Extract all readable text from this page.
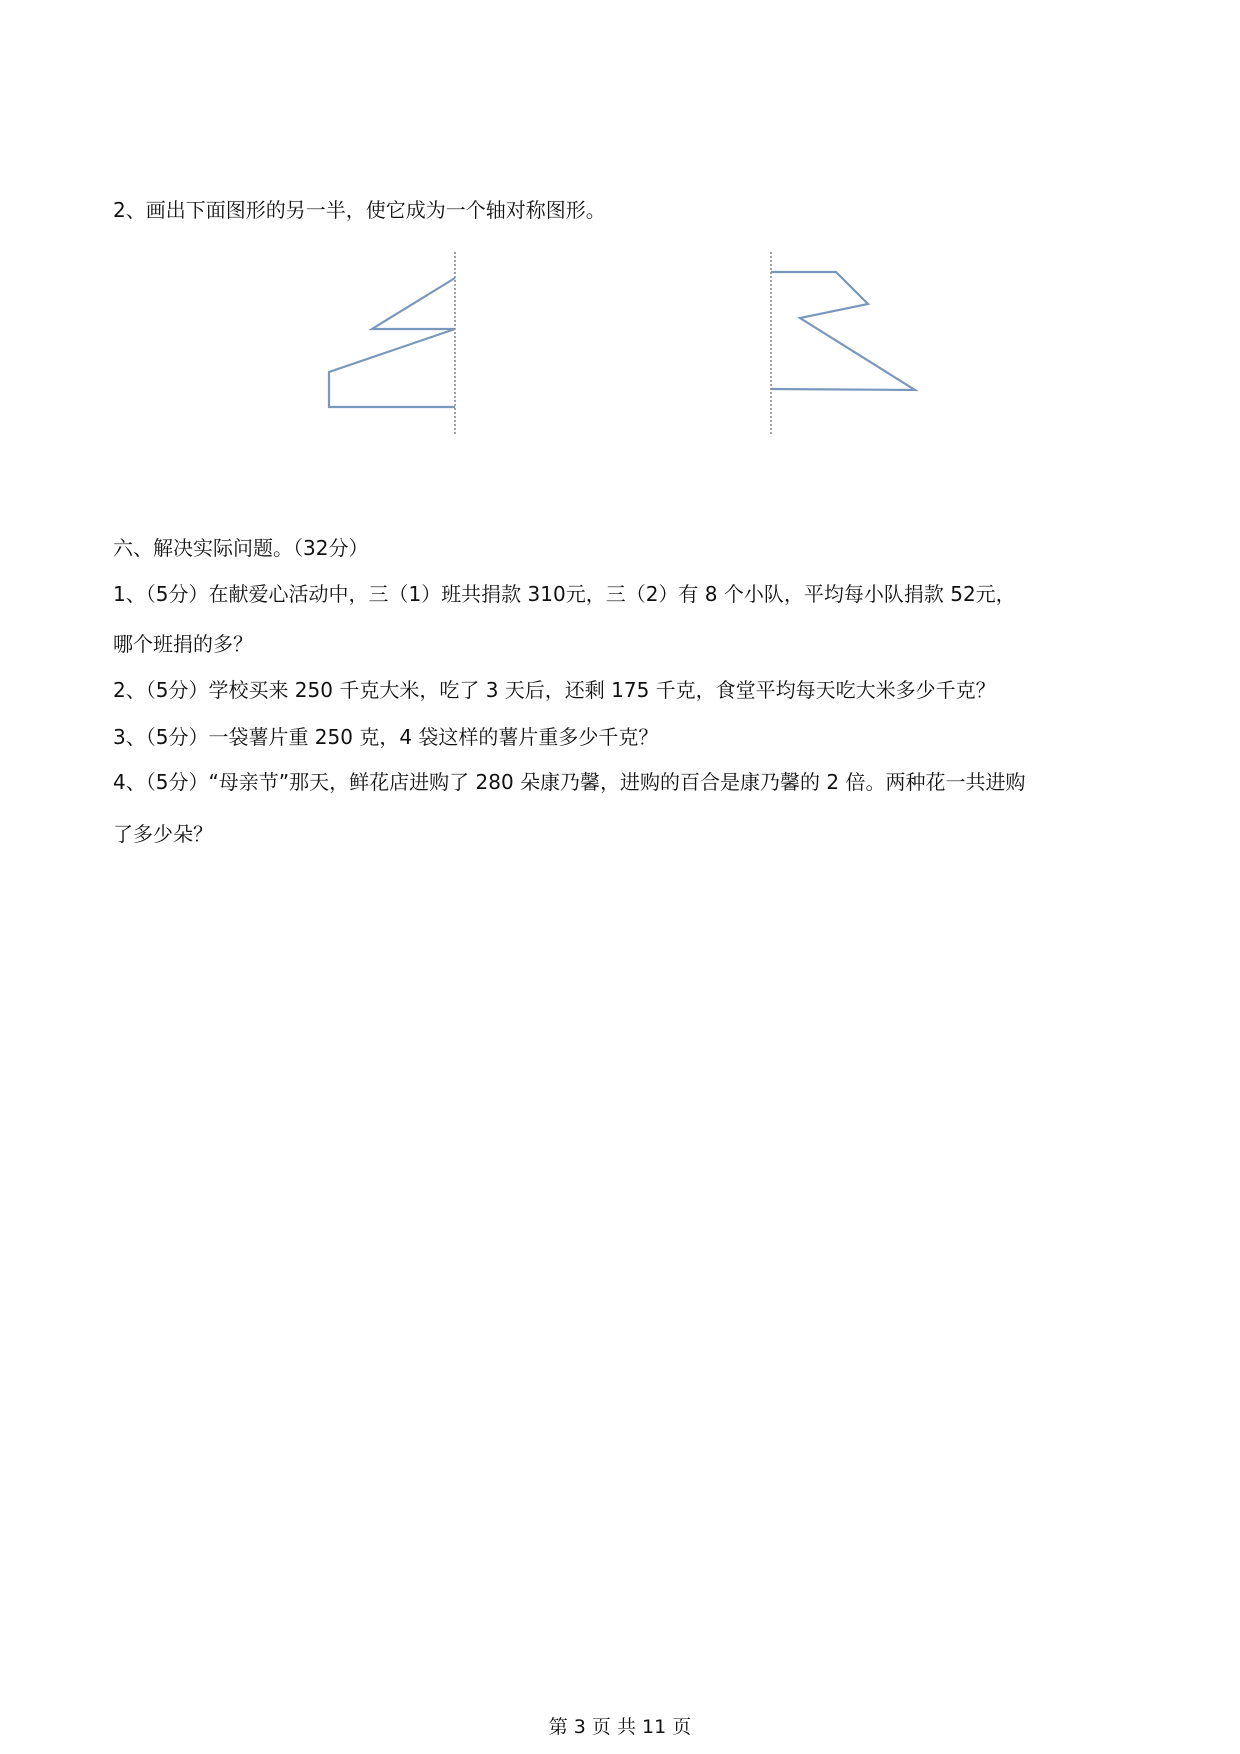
2、画出下面图形的另一半，使它成为一个轴对称图形。
六、解决实际问题。（32分）
1、（5分）在献爱心活动中，三（1）班共捐款 310元，三（2）有 8 个小队，平均每小队捐款 52元，
哪个班捐的多？
2、（5分）学校买来 250 千克大米，吃了 3 天后，还剩 175 千克，食堂平均每天吃大米多少千克？
3、（5分）一袋薯片重 250 克，4 袋这样的薯片重多少千克？
4、（5分）“母亲节”那天，鲜花店进购了 280 朵康乃馨，进购的百合是康乃馨的 2 倍。两种花一共进购
了多少朵？
第 3 页 共 11 页
